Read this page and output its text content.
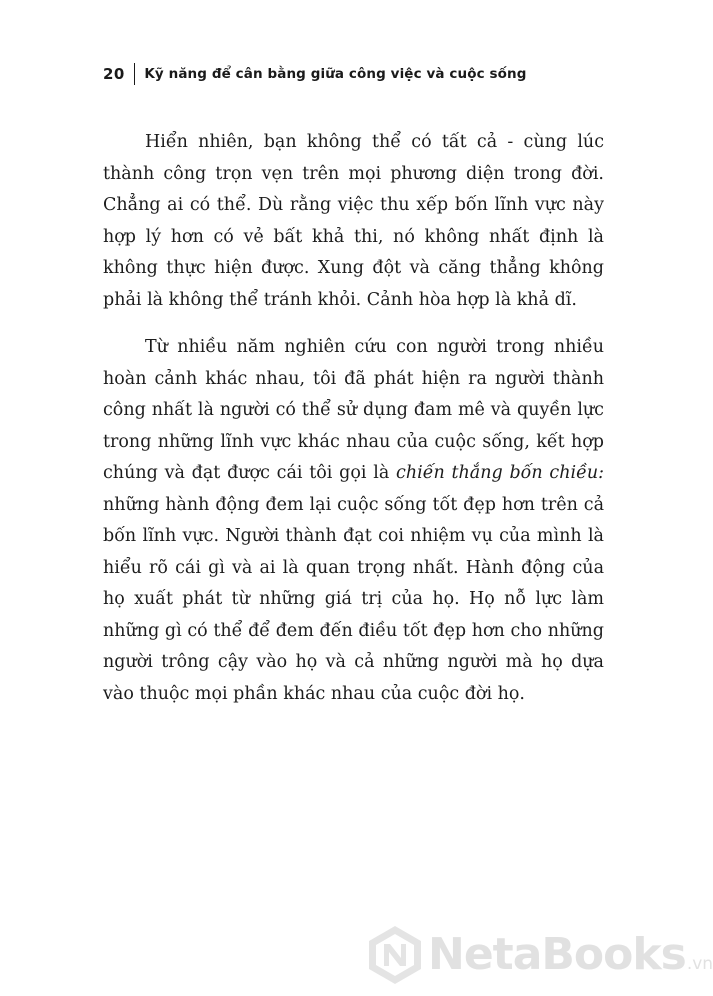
20 Kỹ năng để cân bằng giữa công việc và cuộc sống

Hiển nhiên, bạn không thể có tất cả - cùng lúc thành công trọn vẹn trên mọi phương diện trong đời. Chẳng ai có thể. Dù rằng việc thu xếp bốn lĩnh vực này hợp lý hơn có vẻ bất khả thi, nó không nhất định là không thực hiện được. Xung đột và căng thẳng không phải là không thể tránh khỏi. Cảnh hòa hợp là khả dĩ.

Từ nhiều năm nghiên cứu con người trong nhiều hoàn cảnh khác nhau, tôi đã phát hiện ra người thành công nhất là người có thể sử dụng đam mê và quyền lực trong những lĩnh vực khác nhau của cuộc sống, kết hợp chúng và đạt được cái tôi gọi là chiến thắng bốn chiều: những hành động đem lại cuộc sống tốt đẹp hơn trên cả bốn lĩnh vực. Người thành đạt coi nhiệm vụ của mình là hiểu rõ cái gì và ai là quan trọng nhất. Hành động của họ xuất phát từ những giá trị của họ. Họ nỗ lực làm những gì có thể để đem đến điều tốt đẹp hơn cho những người trông cậy vào họ và cả những người mà họ dựa vào thuộc mọi phần khác nhau của cuộc đời họ.

NetaBooks .vn
